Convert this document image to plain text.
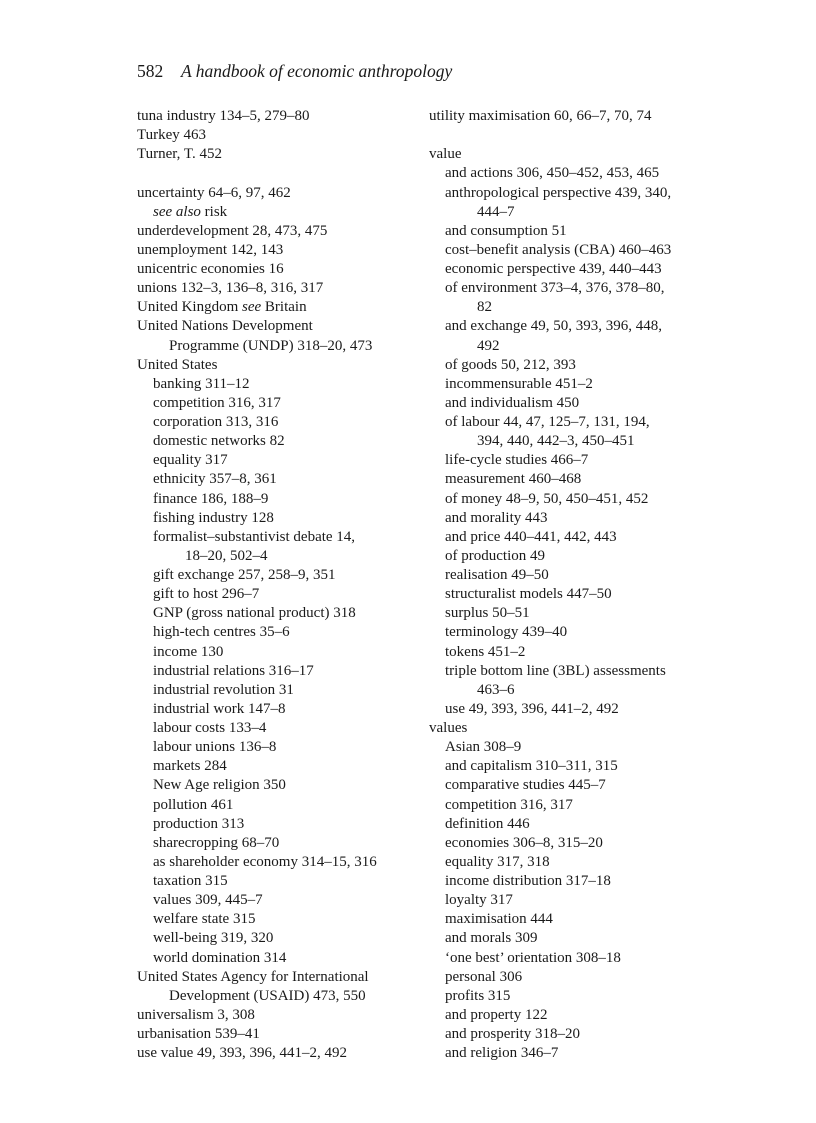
582 A handbook of economic anthropology
tuna industry 134–5, 279–80
Turkey 463
Turner, T. 452
uncertainty 64–6, 97, 462
see also risk
underdevelopment 28, 473, 475
unemployment 142, 143
unicentric economies 16
unions 132–3, 136–8, 316, 317
United Kingdom see Britain
United Nations Development
Programme (UNDP) 318–20, 473
United States
banking 311–12
competition 316, 317
corporation 313, 316
domestic networks 82
equality 317
ethnicity 357–8, 361
finance 186, 188–9
fishing industry 128
formalist–substantivist debate 14,
18–20, 502–4
gift exchange 257, 258–9, 351
gift to host 296–7
GNP (gross national product) 318
high-tech centres 35–6
income 130
industrial relations 316–17
industrial revolution 31
industrial work 147–8
labour costs 133–4
labour unions 136–8
markets 284
New Age religion 350
pollution 461
production 313
sharecropping 68–70
as shareholder economy 314–15, 316
taxation 315
values 309, 445–7
welfare state 315
well-being 319, 320
world domination 314
United States Agency for International
Development (USAID) 473, 550
universalism 3, 308
urbanisation 539–41
use value 49, 393, 396, 441–2, 492
utility maximisation 60, 66–7, 70, 74
value
and actions 306, 450–452, 453, 465
anthropological perspective 439, 340,
444–7
and consumption 51
cost–benefit analysis (CBA) 460–463
economic perspective 439, 440–443
of environment 373–4, 376, 378–80,
82
and exchange 49, 50, 393, 396, 448,
492
of goods 50, 212, 393
incommensurable 451–2
and individualism 450
of labour 44, 47, 125–7, 131, 194,
394, 440, 442–3, 450–451
life-cycle studies 466–7
measurement 460–468
of money 48–9, 50, 450–451, 452
and morality 443
and price 440–441, 442, 443
of production 49
realisation 49–50
structuralist models 447–50
surplus 50–51
terminology 439–40
tokens 451–2
triple bottom line (3BL) assessments
463–6
use 49, 393, 396, 441–2, 492
values
Asian 308–9
and capitalism 310–311, 315
comparative studies 445–7
competition 316, 317
definition 446
economies 306–8, 315–20
equality 317, 318
income distribution 317–18
loyalty 317
maximisation 444
and morals 309
‘one best’ orientation 308–18
personal 306
profits 315
and property 122
and prosperity 318–20
and religion 346–7
